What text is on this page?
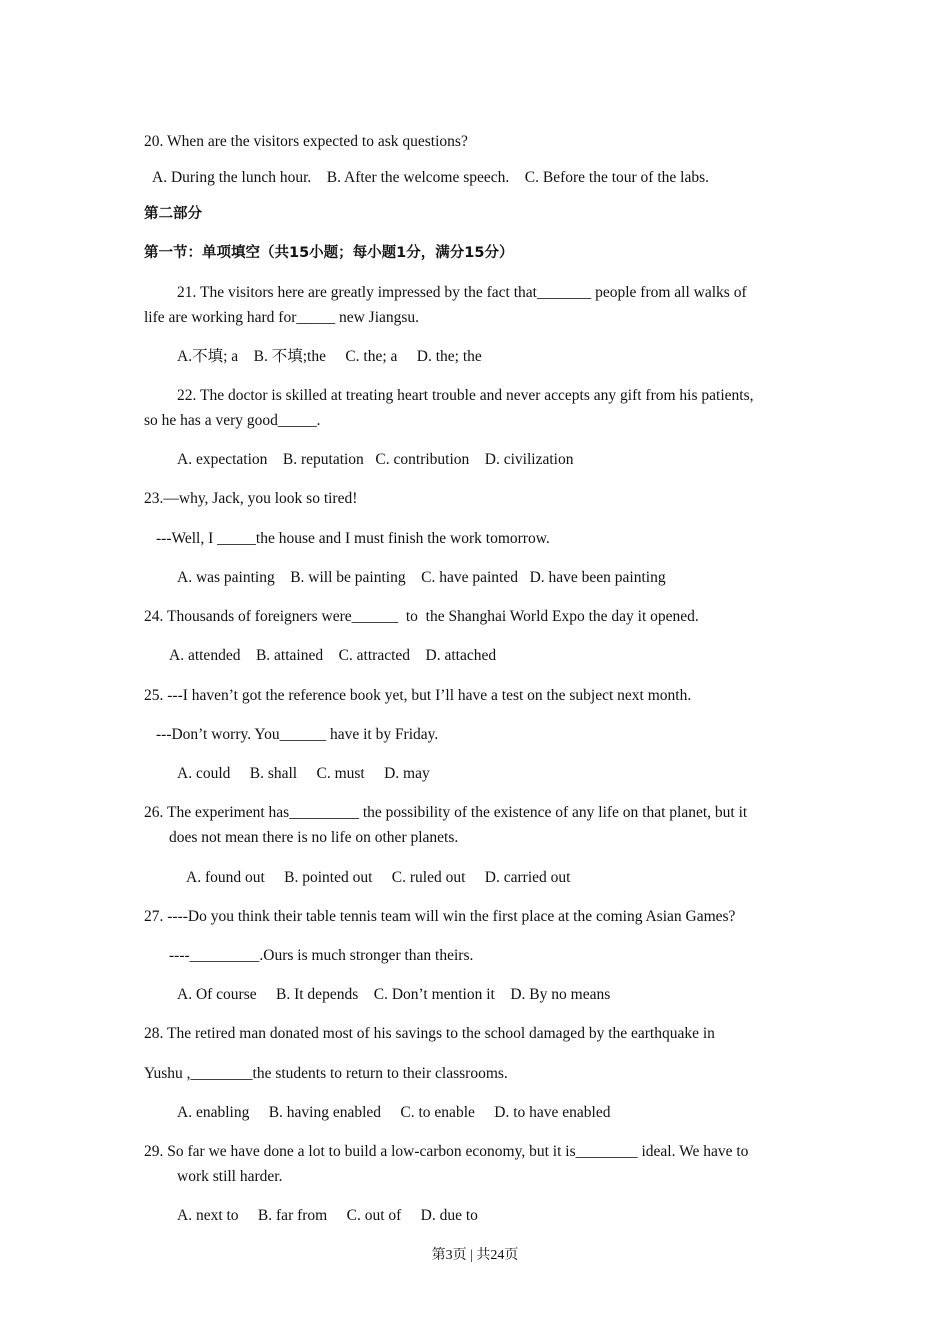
20. When are the visitors expected to ask questions?
A. During the lunch hour.    B. After the welcome speech.    C. Before the tour of the labs.
第二部分
第一节：单项填空（共15小题；每小题1分，满分15分）
21. The visitors here are greatly impressed by the fact that_______ people from all walks of
life are working hard for_____ new Jiangsu.
A.不填; a    B. 不填;the     C. the; a     D. the; the
22. The doctor is skilled at treating heart trouble and never accepts any gift from his patients,
so he has a very good_____.
A. expectation    B. reputation   C. contribution    D. civilization
23.—why, Jack, you look so tired!
---Well, I _____the house and I must finish the work tomorrow.
A. was painting    B. will be painting    C. have painted   D. have been painting
24. Thousands of foreigners were______  to  the Shanghai World Expo the day it opened.
A. attended    B. attained    C. attracted    D. attached
25. ---I haven’t got the reference book yet, but I’ll have a test on the subject next month.
---Don’t worry. You______ have it by Friday.
A. could     B. shall     C. must     D. may
26. The experiment has_________ the possibility of the existence of any life on that planet, but it
does not mean there is no life on other planets.
A. found out     B. pointed out     C. ruled out     D. carried out
27. ----Do you think their table tennis team will win the first place at the coming Asian Games?
----_________.Ours is much stronger than theirs.
A. Of course     B. It depends    C. Don’t mention it    D. By no means
28. The retired man donated most of his savings to the school damaged by the earthquake in
Yushu ,________the students to return to their classrooms.
A. enabling     B. having enabled     C. to enable     D. to have enabled
29. So far we have done a lot to build a low-carbon economy, but it is________ ideal. We have to
work still harder.
A. next to     B. far from     C. out of     D. due to
第3页 | 共24页
